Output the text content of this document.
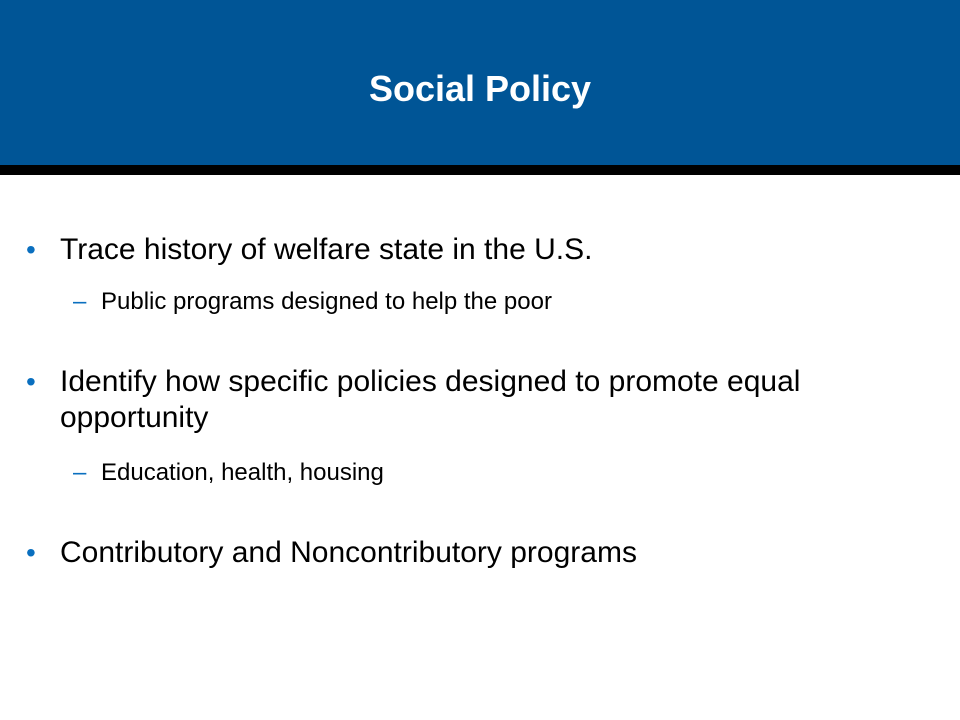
Social Policy
• Trace history of welfare state in the U.S.
– Public programs designed to help the poor
• Identify how specific policies designed to promote equal opportunity
– Education, health, housing
• Contributory and Noncontributory programs
